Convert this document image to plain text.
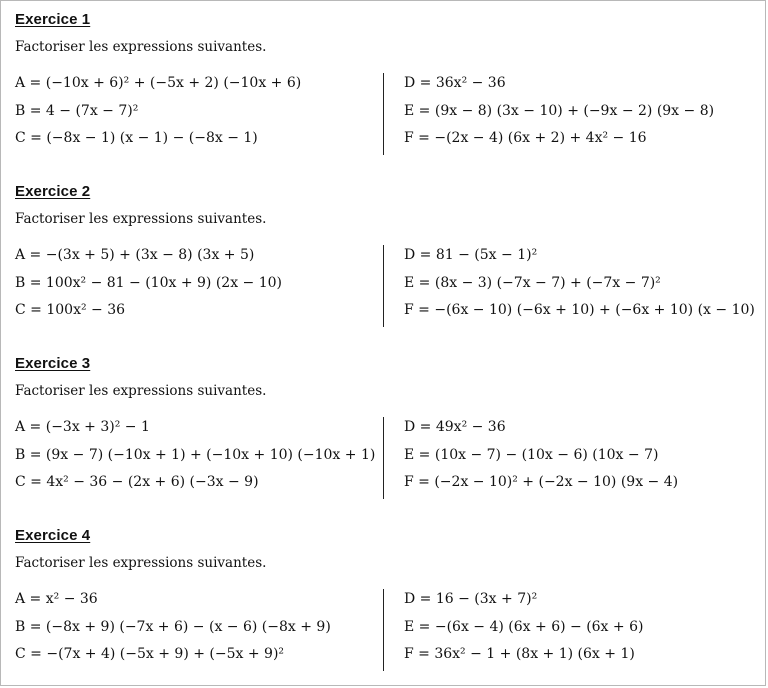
Exercice 1
Factoriser les expressions suivantes.
A = (−10x + 6)² + (−5x + 2) (−10x + 6)
B = 4 − (7x − 7)²
C = (−8x − 1) (x − 1) − (−8x − 1)
D = 36x² − 36
E = (9x − 8) (3x − 10) + (−9x − 2) (9x − 8)
F = −(2x − 4) (6x + 2) + 4x² − 16
Exercice 2
Factoriser les expressions suivantes.
A = −(3x + 5) + (3x − 8) (3x + 5)
B = 100x² − 81 − (10x + 9) (2x − 10)
C = 100x² − 36
D = 81 − (5x − 1)²
E = (8x − 3) (−7x − 7) + (−7x − 7)²
F = −(6x − 10) (−6x + 10) + (−6x + 10) (x − 10)
Exercice 3
Factoriser les expressions suivantes.
A = (−3x + 3)² − 1
B = (9x − 7) (−10x + 1) + (−10x + 10) (−10x + 1)
C = 4x² − 36 − (2x + 6) (−3x − 9)
D = 49x² − 36
E = (10x − 7) − (10x − 6) (10x − 7)
F = (−2x − 10)² + (−2x − 10) (9x − 4)
Exercice 4
Factoriser les expressions suivantes.
A = x² − 36
B = (−8x + 9) (−7x + 6) − (x − 6) (−8x + 9)
C = −(7x + 4) (−5x + 9) + (−5x + 9)²
D = 16 − (3x + 7)²
E = −(6x − 4) (6x + 6) − (6x + 6)
F = 36x² − 1 + (8x + 1) (6x + 1)
